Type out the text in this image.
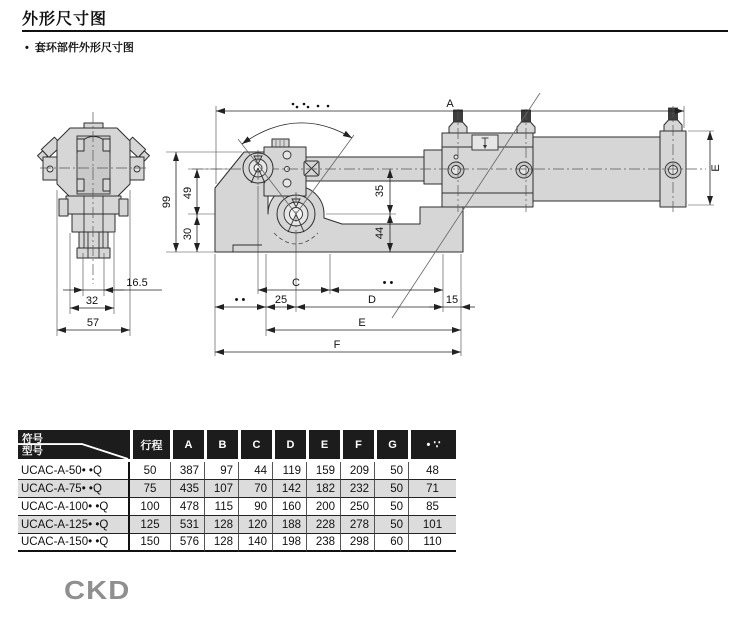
外形尺寸图
• 套环部件外形尺寸图
16.5
32
57
99
49
30
A
E
35
44
C	• •
• •	25	D	15
E
F
符号
型号	行程	A	B	C	D	E	F	G	• ∵
UCAC-A-50• •Q	50	387	97	44	119	159	209	50	48
UCAC-A-75• •Q	75	435	107	70	142	182	232	50	71
UCAC-A-100• •Q	100	478	115	90	160	200	250	50	85
UCAC-A-125• •Q	125	531	128	120	188	228	278	50	101
UCAC-A-150• •Q	150	576	128	140	198	238	298	60	110
CKD
